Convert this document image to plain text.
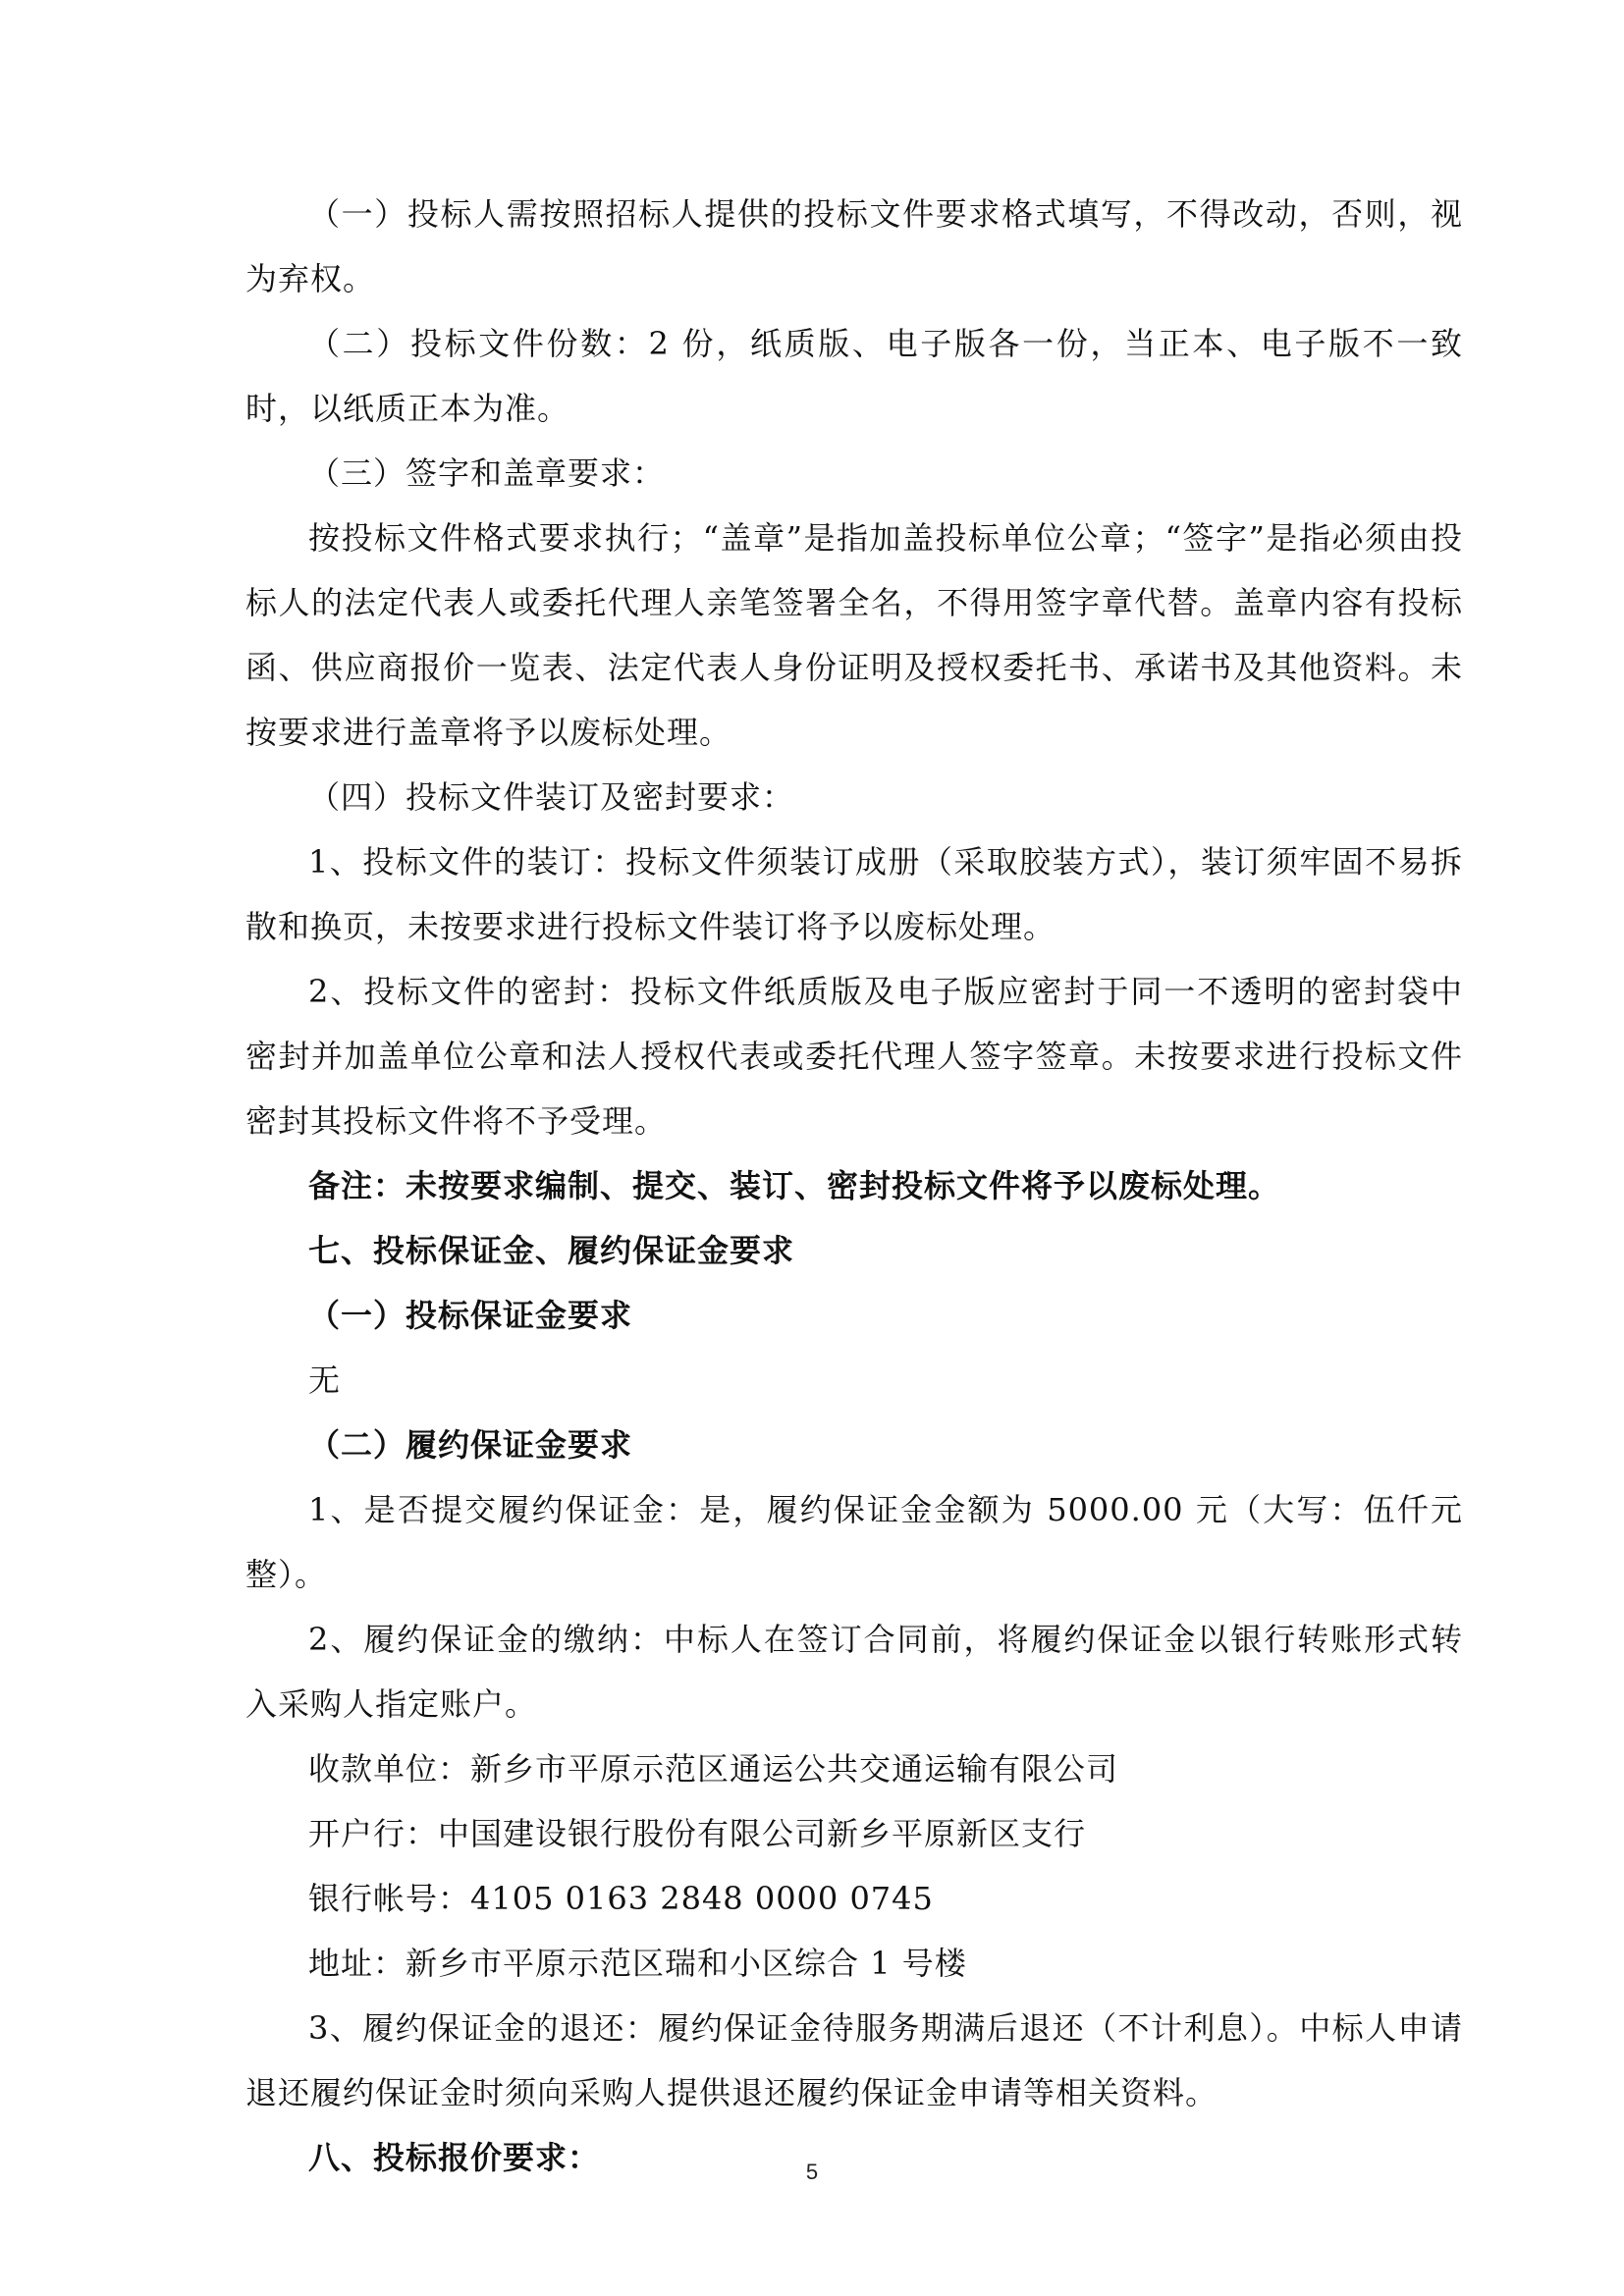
（一）投标人需按照招标人提供的投标文件要求格式填写，不得改动，否则，视为弃权。

（二）投标文件份数：2 份，纸质版、电子版各一份，当正本、电子版不一致时，以纸质正本为准。

（三）签字和盖章要求：

按投标文件格式要求执行；“盖章”是指加盖投标单位公章；“签字”是指必须由投标人的法定代表人或委托代理人亲笔签署全名，不得用签字章代替。盖章内容有投标函、供应商报价一览表、法定代表人身份证明及授权委托书、承诺书及其他资料。未按要求进行盖章将予以废标处理。

（四）投标文件装订及密封要求：

1、投标文件的装订：投标文件须装订成册（采取胶装方式），装订须牢固不易拆散和换页，未按要求进行投标文件装订将予以废标处理。

2、投标文件的密封：投标文件纸质版及电子版应密封于同一不透明的密封袋中密封并加盖单位公章和法人授权代表或委托代理人签字签章。未按要求进行投标文件密封其投标文件将不予受理。

备注：未按要求编制、提交、装订、密封投标文件将予以废标处理。

七、投标保证金、履约保证金要求

（一）投标保证金要求

无

（二）履约保证金要求

1、是否提交履约保证金：是，履约保证金金额为 5000.00 元（大写：伍仟元整）。

2、履约保证金的缴纳：中标人在签订合同前，将履约保证金以银行转账形式转入采购人指定账户。

收款单位：新乡市平原示范区通运公共交通运输有限公司

开户行：中国建设银行股份有限公司新乡平原新区支行

银行帐号：4105 0163 2848 0000 0745

地址：新乡市平原示范区瑞和小区综合 1 号楼

3、履约保证金的退还：履约保证金待服务期满后退还（不计利息）。中标人申请退还履约保证金时须向采购人提供退还履约保证金申请等相关资料。

八、投标报价要求：	5
